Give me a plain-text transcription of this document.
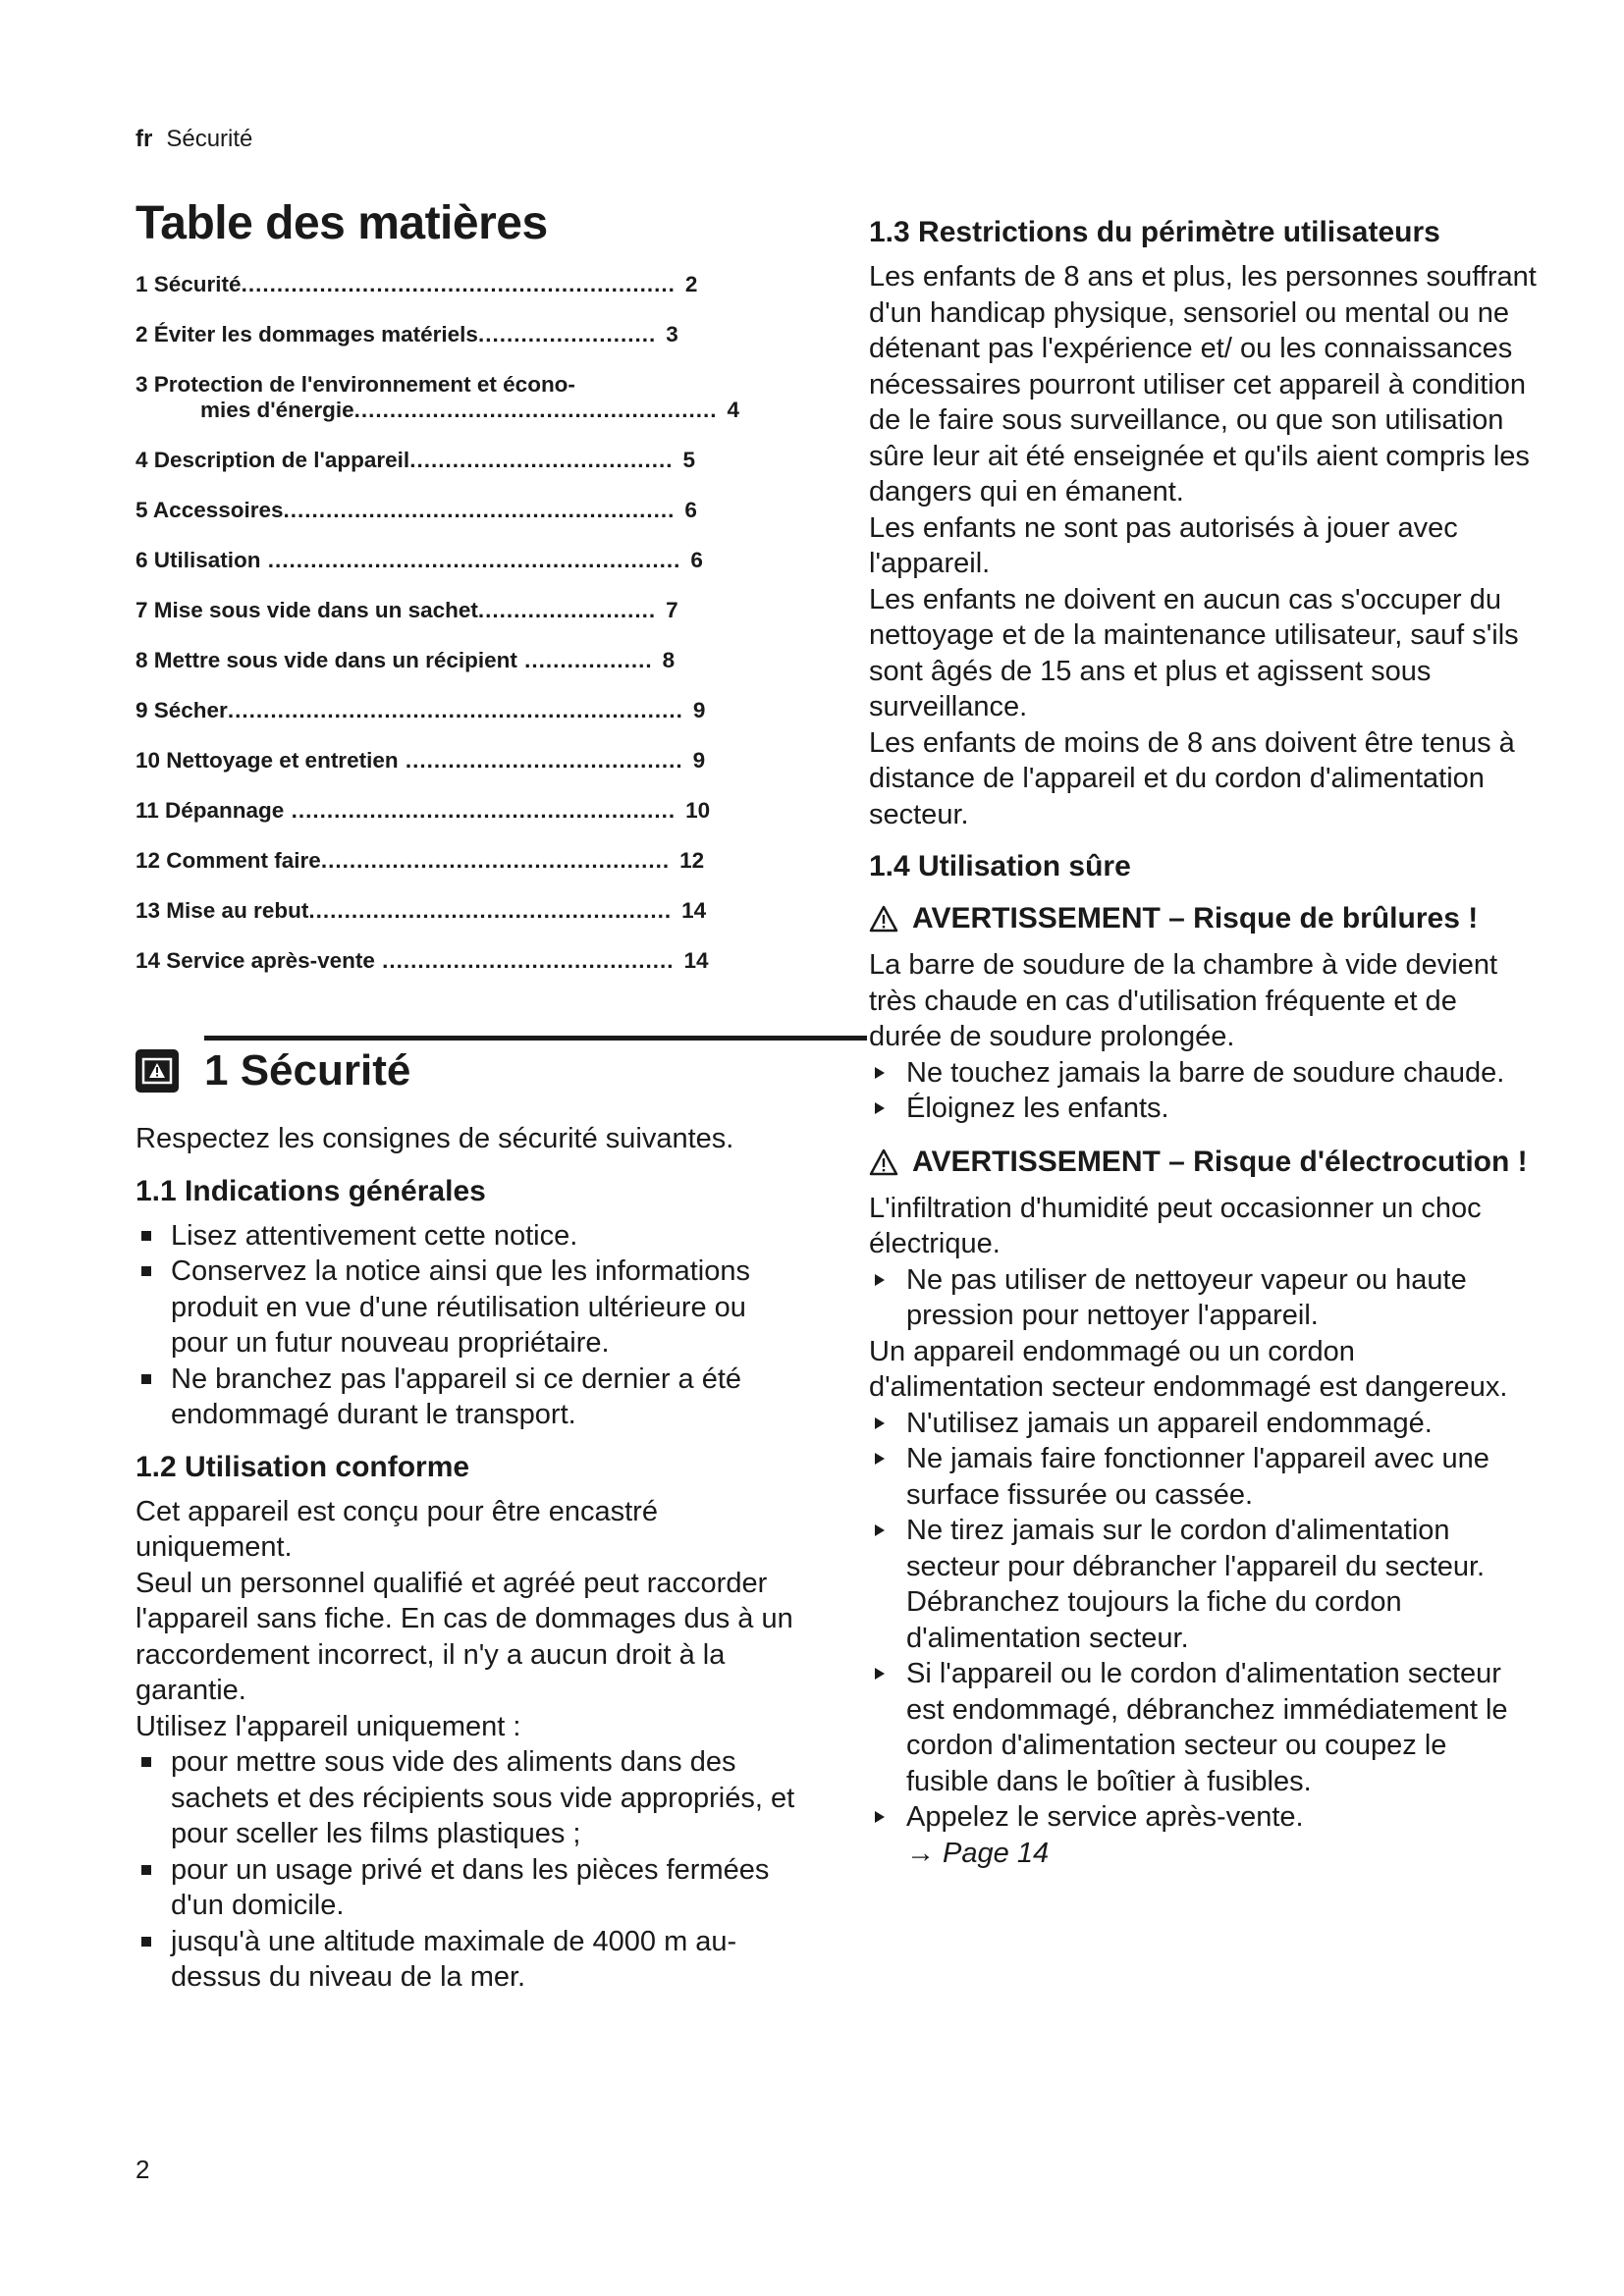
fr Sécurité
Table des matières
1 Sécurité ............................................................. 2
2 Éviter les dommages matériels ......................... 3
3 Protection de l'environnement et écono-
mies d'énergie ................................................... 4
4 Description de l'appareil ..................................... 5
5 Accessoires ....................................................... 6
6 Utilisation .......................................................... 6
7 Mise sous vide dans un sachet ......................... 7
8 Mettre sous vide dans un récipient .................. 8
9 Sécher ................................................................ 9
10 Nettoyage et entretien ....................................... 9
11 Dépannage ...................................................... 10
12 Comment faire ................................................. 12
13 Mise au rebut ................................................... 14
14 Service après-vente ......................................... 14
1 Sécurité

Respectez les consignes de sécurité suivantes.

1.1 Indications générales
Lisez attentivement cette notice.
Conservez la notice ainsi que les informations produit en vue d'une réutilisation ultérieure ou pour un futur nouveau propriétaire.
Ne branchez pas l'appareil si ce dernier a été endommagé durant le transport.
1.2 Utilisation conforme

Cet appareil est conçu pour être encastré uniquement.

Seul un personnel qualifié et agréé peut raccorder l'appareil sans fiche. En cas de dommages dus à un raccordement incorrect, il n'y a aucun droit à la garantie.

Utilisez l'appareil uniquement :

pour mettre sous vide des aliments dans des sachets et des récipients sous vide appropriés, et pour sceller les films plastiques ;
pour un usage privé et dans les pièces fermées d'un domicile.
jusqu'à une altitude maximale de 4000 m au-dessus du niveau de la mer.
1.3 Restrictions du périmètre utilisateurs

Les enfants de 8 ans et plus, les personnes souffrant d'un handicap physique, sensoriel ou mental ou ne détenant pas l'expérience et/ ou les connaissances nécessaires pourront utiliser cet appareil à condition de le faire sous surveillance, ou que son utilisation sûre leur ait été enseignée et qu'ils aient compris les dangers qui en émanent.

Les enfants ne sont pas autorisés à jouer avec l'appareil.

Les enfants ne doivent en aucun cas s'occuper du nettoyage et de la maintenance utilisateur, sauf s'ils sont âgés de 15 ans et plus et agissent sous surveillance.

Les enfants de moins de 8 ans doivent être tenus à distance de l'appareil et du cordon d'alimentation secteur.

1.4 Utilisation sûre
AVERTISSEMENT – Risque de brûlures !

La barre de soudure de la chambre à vide devient très chaude en cas d'utilisation fréquente et de durée de soudure prolongée.

Ne touchez jamais la barre de soudure chaude.
Éloignez les enfants.
AVERTISSEMENT – Risque d'électrocution !

L'infiltration d'humidité peut occasionner un choc électrique.

Ne pas utiliser de nettoyeur vapeur ou haute pression pour nettoyer l'appareil.

Un appareil endommagé ou un cordon d'alimentation secteur endommagé est dangereux.

N'utilisez jamais un appareil endommagé.
Ne jamais faire fonctionner l'appareil avec une surface fissurée ou cassée.
Ne tirez jamais sur le cordon d'alimentation secteur pour débrancher l'appareil du secteur. Débranchez toujours la fiche du cordon d'alimentation secteur.
Si l'appareil ou le cordon d'alimentation secteur est endommagé, débranchez immédiatement le cordon d'alimentation secteur ou coupez le fusible dans le boîtier à fusibles.
Appelez le service après-vente.
→ Page 14
2
